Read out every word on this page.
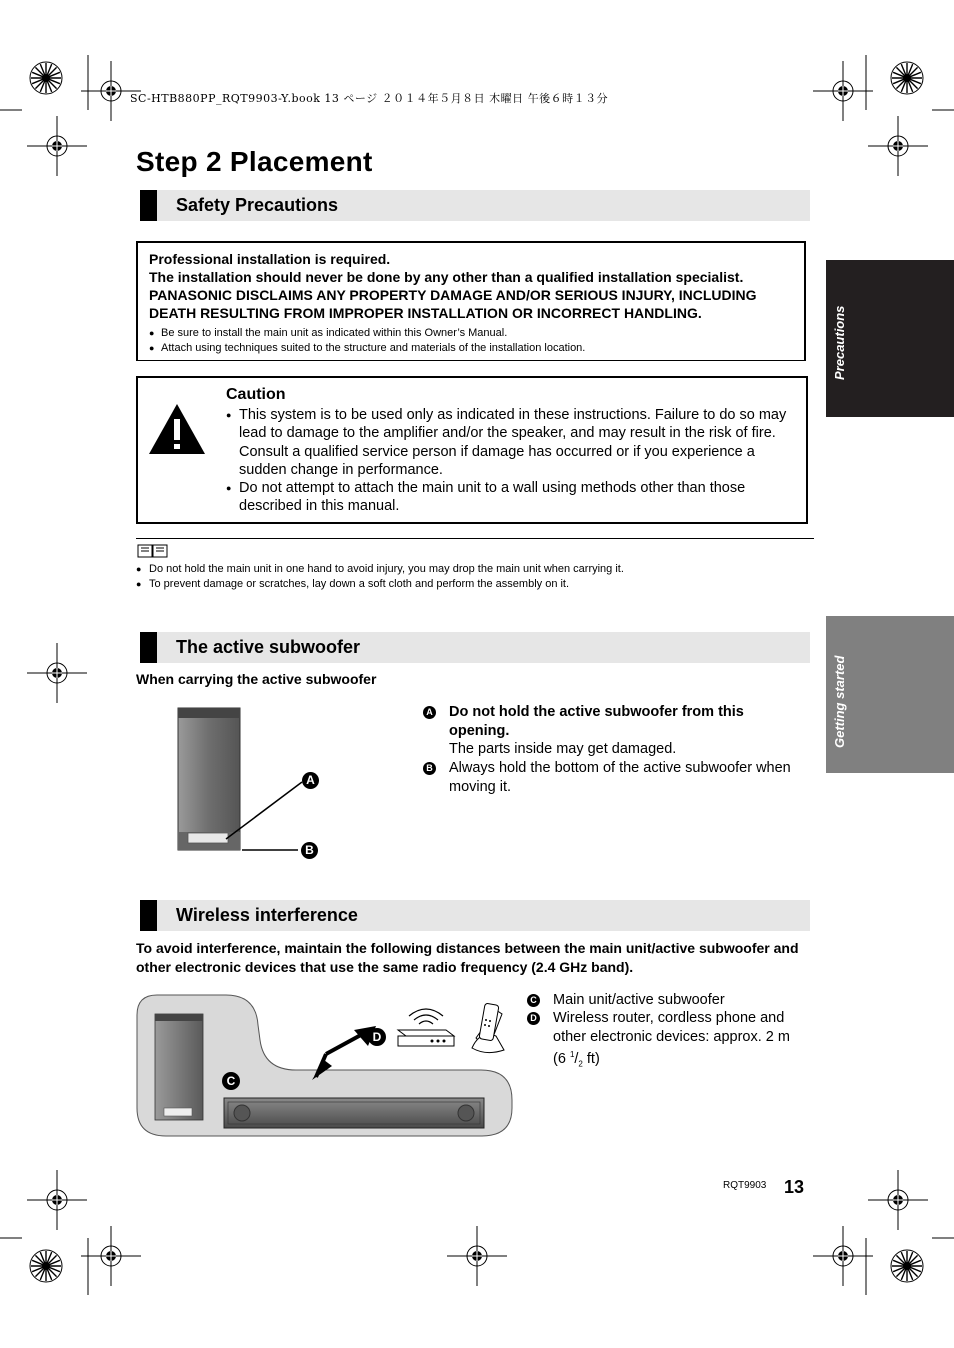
SC-HTB880PP_RQT9903-Y.book 13 ページ ２０１４年５月８日 木曜日 午後６時１３分
Step 2 Placement
Precautions
Getting started
Safety Precautions

Professional installation is required.

The installation should never be done by any other than a qualified installation specialist.

PANASONIC DISCLAIMS ANY PROPERTY DAMAGE AND/OR SERIOUS INJURY, INCLUDING

DEATH RESULTING FROM IMPROPER INSTALLATION OR INCORRECT HANDLING.

● Be sure to install the main unit as indicated within this Owner’s Manual.
● Attach using techniques suited to the structure and materials of the installation location.
Caution
● This system is to be used only as indicated in these instructions. Failure to do so may lead to damage to the amplifier and/or the speaker, and may result in the risk of fire. Consult a qualified service person if damage has occurred or if you experience a sudden change in performance.
● Do not attempt to attach the main unit to a wall using methods other than those described in this manual.
● Do not hold the main unit in one hand to avoid injury, you may drop the main unit when carrying it.
● To prevent damage or scratches, lay down a soft cloth and perform the assembly on it.
The active subwoofer
When carrying the active subwoofer
A
B
A Do not hold the active subwoofer from this opening.
The parts inside may get damaged.
B Always hold the bottom of the active subwoofer when moving it.
Wireless interference
To avoid interference, maintain the following distances between the main unit/active subwoofer and other electronic devices that use the same radio frequency (2.4 GHz band).
C
D
C Main unit/active subwoofer
D Wireless router, cordless phone and other electronic devices: approx. 2 m
(6 $^1/_2$ ft)
RQT9903 13
